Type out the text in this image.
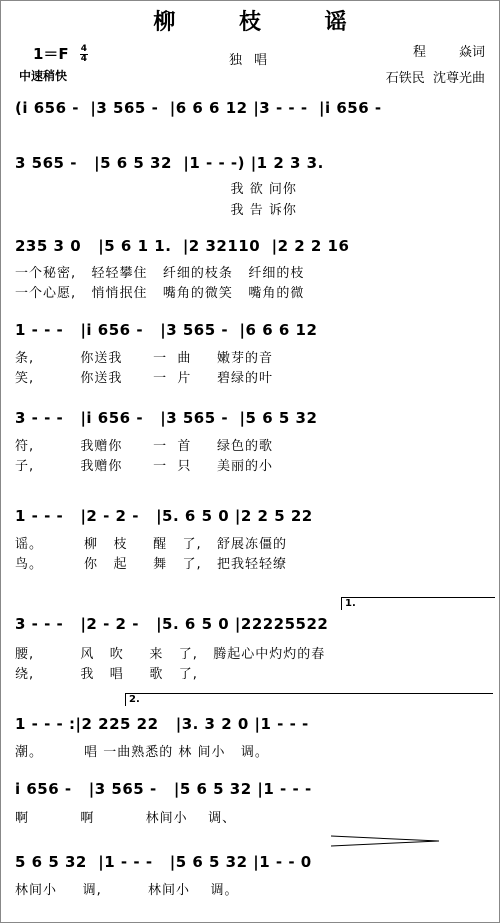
柳 枝 谣
$1=F \frac{4}{4}$
中速稍快
独唱
程        焱词
石铁民  沈尊光曲
(i 656 -  |3 565 -  |6 6 6 12 |3 - - -  |i 656 -
3 565 -   |5 6 5 32  |1 - - -) |1 2 3 3.
我 欲 问你
我 告 诉你
235 3 0   |5 6 1 1.  |2 32110  |2 2 2 16
一个秘密,   轻轻攀住   纤细的枝条   纤细的枝
一个心愿,   悄悄抿住   嘴角的微笑   嘴角的微
1 - - -   |i 656 -   |3 565 -  |6 6 6 12
条,         你送我      一  曲     嫩芽的音
笑,         你送我      一  片     碧绿的叶
3 - - -   |i 656 -   |3 565 -  |5 6 5 32
符,         我赠你      一  首     绿色的歌
子,         我赠你      一  只     美丽的小
1 - - -   |2 - 2 -   |5. 6 5 0 |2 2 5 22
谣。        柳   枝     醒   了,   舒展冻僵的
鸟。        你   起     舞   了,   把我轻轻缭
1.
3 - - -   |2 - 2 -   |5. 6 5 0 |22225522
腰,         风   吹     来   了,   腾起心中灼灼的春
绕,         我   唱     歌   了,
2.
1 - - - :|2 225 22   |3. 3 2 0 |1 - - -
潮。        唱 一曲熟悉的 林 间小   调。
i 656 -   |3 565 -   |5 6 5 32 |1 - - -
啊          啊          林间小    调、
5 6 5 32  |1 - - -   |5 6 5 32 |1 - - 0
林间小     调,         林间小    调。
